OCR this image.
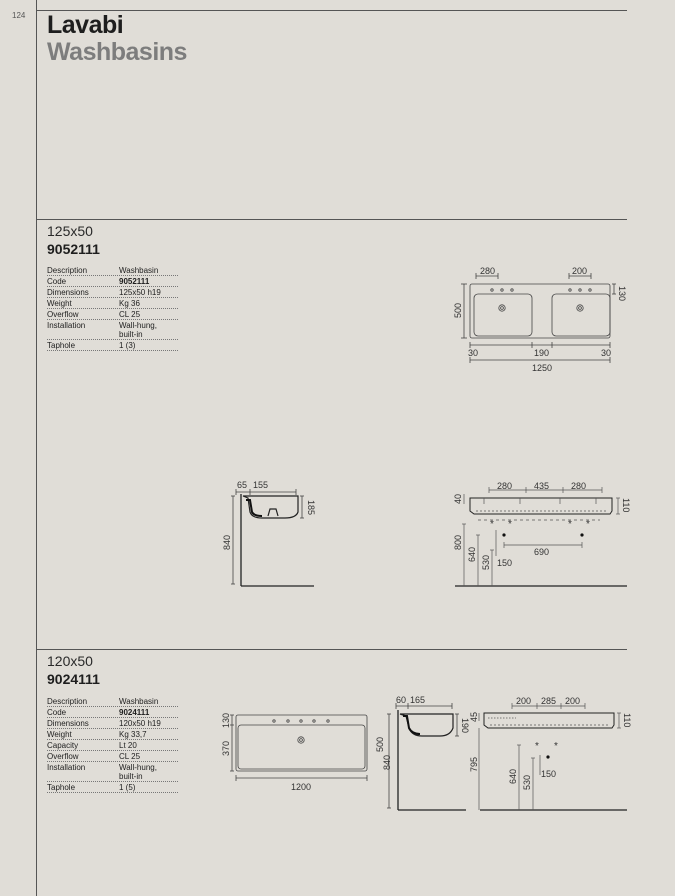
124 Lavabi
Washbasins
125x50
9052111
Description	Washbasin
Code	9052111
Dimensions	125x50 h19
Weight	Kg 36
Overflow	CL 25
Installation	Wall-hung,
built-in
Taphole	1 (3)
280	200
130
500
30	190	30
1250
65 155
185
840
* *	* *
280 435 280
40	110
800
640
530 150
690
120x50
9024111
Description	Washbasin
Code	9024111
Dimensions	120x50 h19
Weight	Kg 33,7
Capacity	Lt 20
Overflow	CL 25
Installation	Wall-hung,
built-in
Taphole	1 (5)
130
370
1200
60 165
190
500
840
* *
200 285 200
45	110
795
640 530
150
